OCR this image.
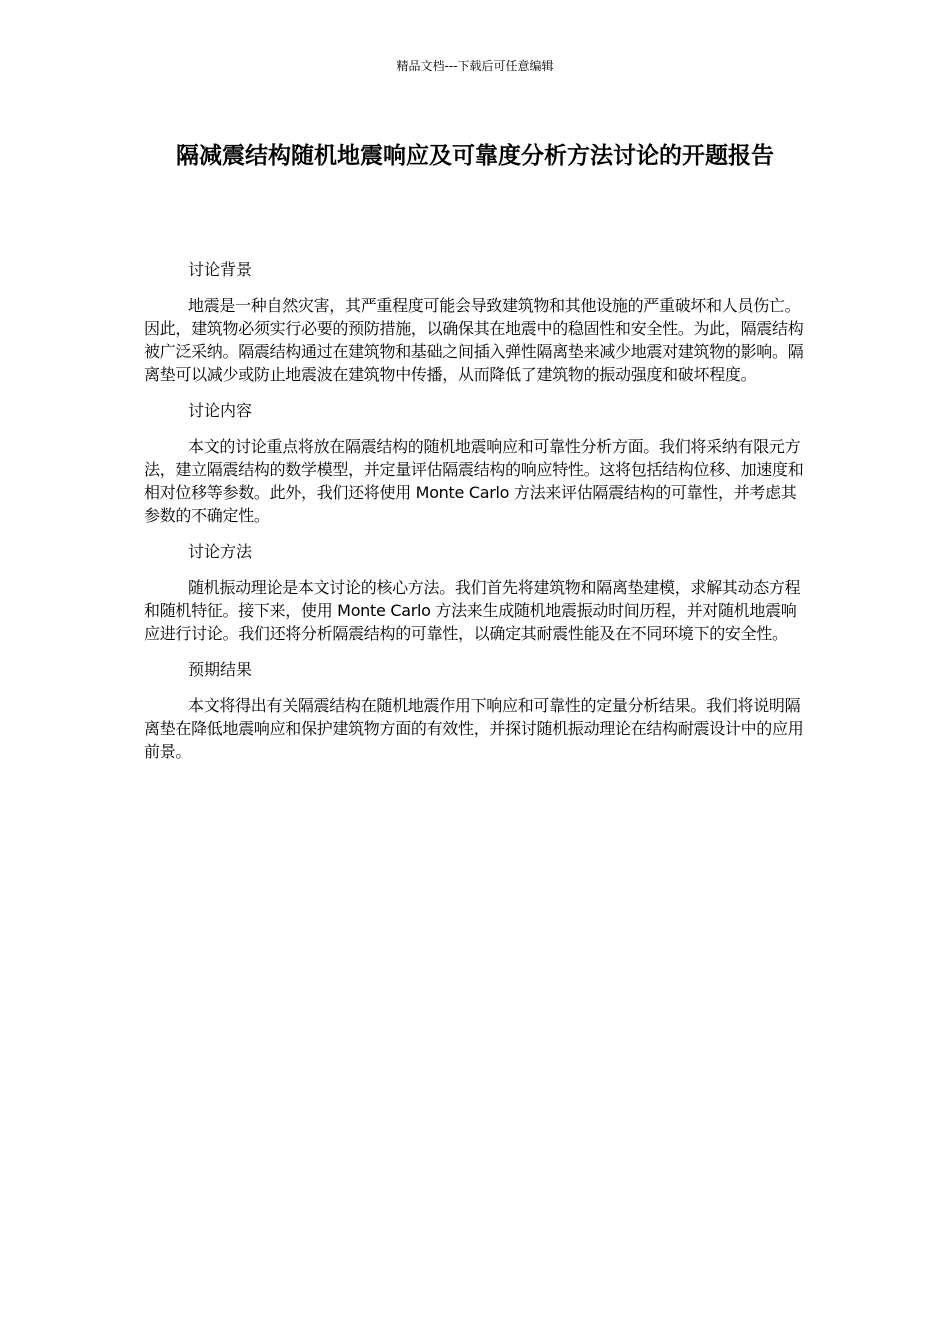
精品文档---下载后可任意编辑
隔减震结构随机地震响应及可靠度分析方法讨论的开题报告

讨论背景

地震是一种自然灾害，其严重程度可能会导致建筑物和其他设施的严重破坏和人员伤亡。因此，建筑物必须实行必要的预防措施，以确保其在地震中的稳固性和安全性。为此，隔震结构被广泛采纳。隔震结构通过在建筑物和基础之间插入弹性隔离垫来减少地震对建筑物的影响。隔离垫可以减少或防止地震波在建筑物中传播，从而降低了建筑物的振动强度和破坏程度。

讨论内容

本文的讨论重点将放在隔震结构的随机地震响应和可靠性分析方面。我们将采纳有限元方法，建立隔震结构的数学模型，并定量评估隔震结构的响应特性。这将包括结构位移、加速度和相对位移等参数。此外，我们还将使用 Monte Carlo 方法来评估隔震结构的可靠性，并考虑其参数的不确定性。

讨论方法

随机振动理论是本文讨论的核心方法。我们首先将建筑物和隔离垫建模，求解其动态方程和随机特征。接下来，使用 Monte Carlo 方法来生成随机地震振动时间历程，并对随机地震响应进行讨论。我们还将分析隔震结构的可靠性，以确定其耐震性能及在不同环境下的安全性。

预期结果

本文将得出有关隔震结构在随机地震作用下响应和可靠性的定量分析结果。我们将说明隔离垫在降低地震响应和保护建筑物方面的有效性，并探讨随机振动理论在结构耐震设计中的应用前景。
